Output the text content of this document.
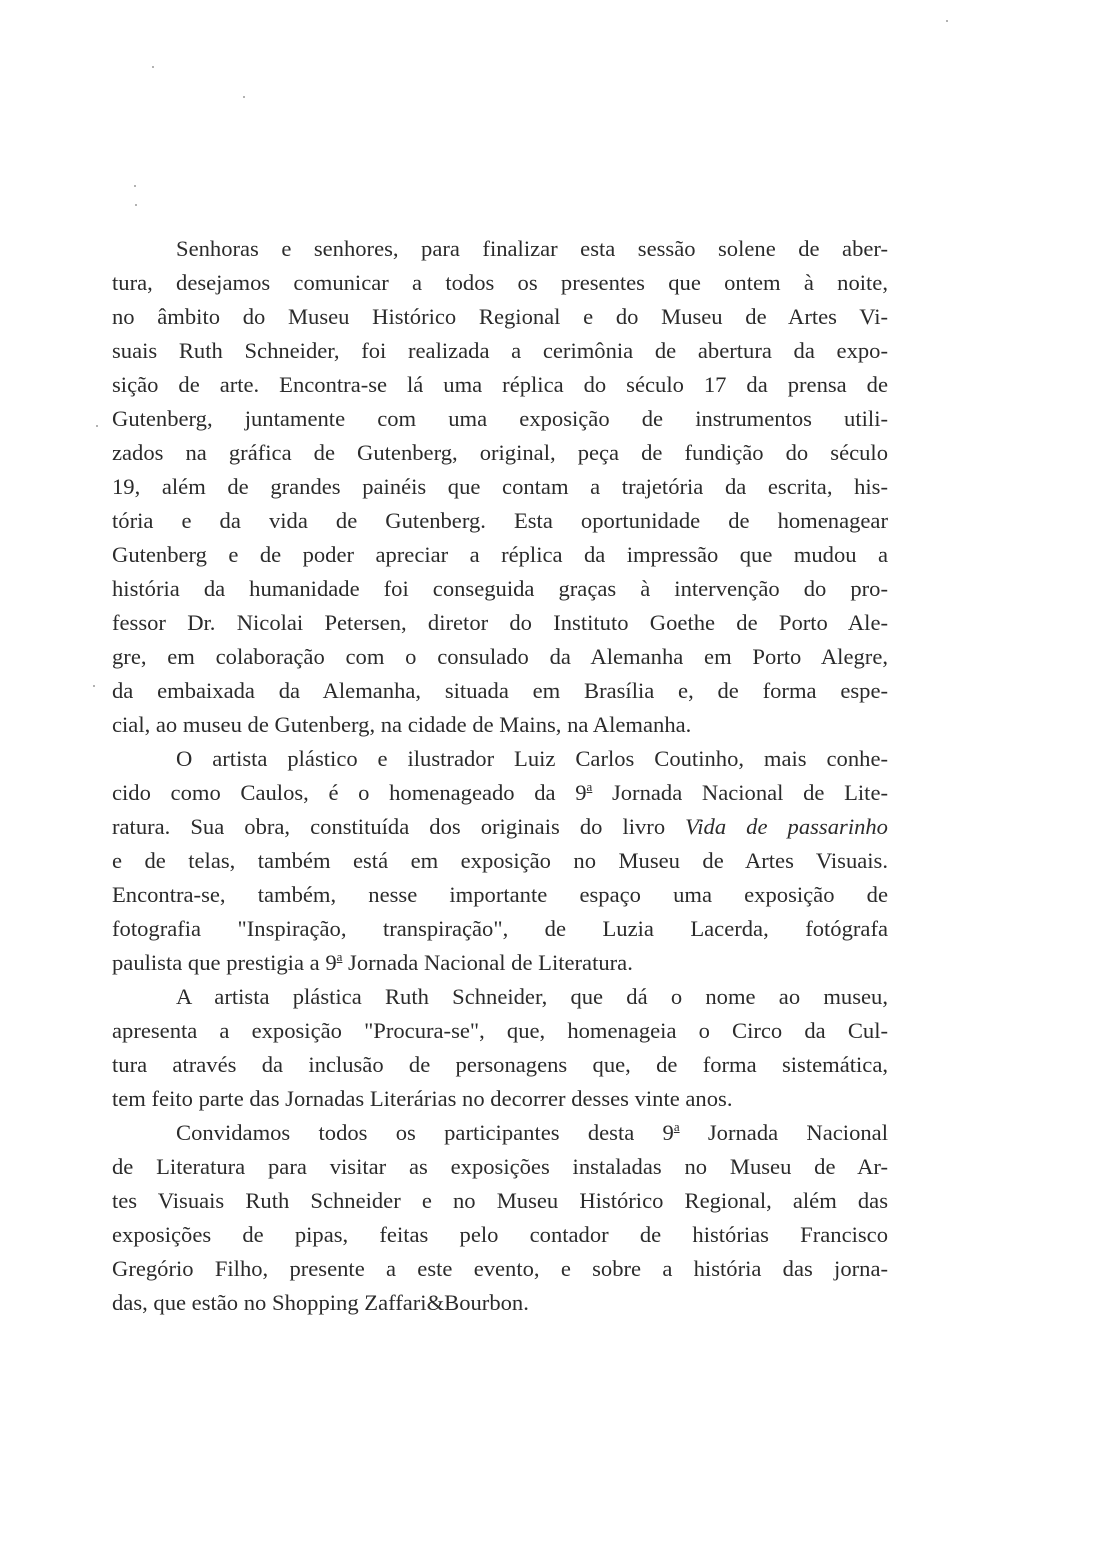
Senhoras e senhores, para finalizar esta sessão solene de aber-
tura, desejamos comunicar a todos os presentes que ontem à noite,
no âmbito do Museu Histórico Regional e do Museu de Artes Vi-
suais Ruth Schneider, foi realizada a cerimônia de abertura da expo-
sição de arte. Encontra-se lá uma réplica do século 17 da prensa de
Gutenberg, juntamente com uma exposição de instrumentos utili-
zados na gráfica de Gutenberg, original, peça de fundição do século
19, além de grandes painéis que contam a trajetória da escrita, his-
tória e da vida de Gutenberg. Esta oportunidade de homenagear
Gutenberg e de poder apreciar a réplica da impressão que mudou a
história da humanidade foi conseguida graças à intervenção do pro-
fessor Dr. Nicolai Petersen, diretor do Instituto Goethe de Porto Ale-
gre, em colaboração com o consulado da Alemanha em Porto Alegre,
da embaixada da Alemanha, situada em Brasília e, de forma espe-
cial, ao museu de Gutenberg, na cidade de Mains, na Alemanha.

O artista plástico e ilustrador Luiz Carlos Coutinho, mais conhe-
cido como Caulos, é o homenageado da 9$^a$ Jornada Nacional de Lite-
ratura. Sua obra, constituída dos originais do livro Vida de passarinho
e de telas, também está em exposição no Museu de Artes Visuais.
Encontra-se, também, nesse importante espaço uma exposição de
fotografia "Inspiração, transpiração", de Luzia Lacerda, fotógrafa
paulista que prestigia a 9$^a$ Jornada Nacional de Literatura.

A artista plástica Ruth Schneider, que dá o nome ao museu,
apresenta a exposição "Procura-se", que, homenageia o Circo da Cul-
tura através da inclusão de personagens que, de forma sistemática,
tem feito parte das Jornadas Literárias no decorrer desses vinte anos.

Convidamos todos os participantes desta 9$^a$ Jornada Nacional
de Literatura para visitar as exposições instaladas no Museu de Ar-
tes Visuais Ruth Schneider e no Museu Histórico Regional, além das
exposições de pipas, feitas pelo contador de histórias Francisco
Gregório Filho, presente a este evento, e sobre a história das jorna-
das, que estão no Shopping Zaffari&Bourbon.
